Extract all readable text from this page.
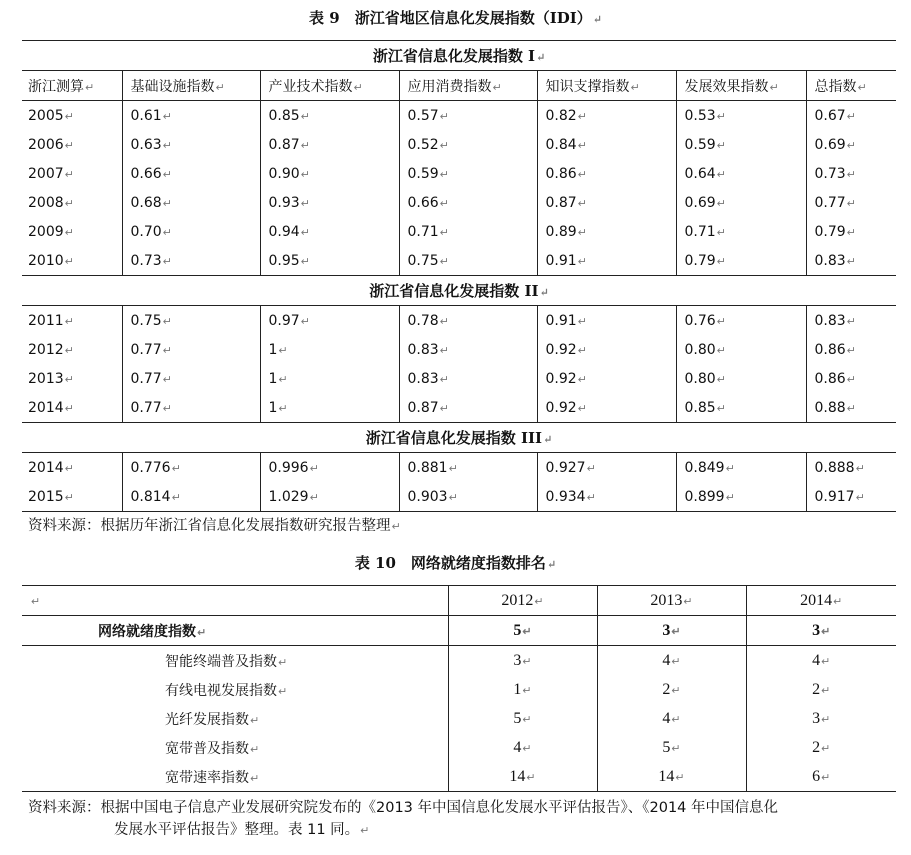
表 9　浙江省地区信息化发展指数（IDI）↵
浙江省信息化发展指数 I↵						
浙江测算↵	基础设施指数↵	产业技术指数↵	应用消费指数↵	知识支撑指数↵	发展效果指数↵	总指数↵
2005↵	0.61↵	0.85↵	0.57↵	0.82↵	0.53↵	0.67↵
2006↵	0.63↵	0.87↵	0.52↵	0.84↵	0.59↵	0.69↵
2007↵	0.66↵	0.90↵	0.59↵	0.86↵	0.64↵	0.73↵
2008↵	0.68↵	0.93↵	0.66↵	0.87↵	0.69↵	0.77↵
2009↵	0.70↵	0.94↵	0.71↵	0.89↵	0.71↵	0.79↵
2010↵	0.73↵	0.95↵	0.75↵	0.91↵	0.79↵	0.83↵
浙江省信息化发展指数 II↵						
2011↵	0.75↵	0.97↵	0.78↵	0.91↵	0.76↵	0.83↵
2012↵	0.77↵	1↵	0.83↵	0.92↵	0.80↵	0.86↵
2013↵	0.77↵	1↵	0.83↵	0.92↵	0.80↵	0.86↵
2014↵	0.77↵	1↵	0.87↵	0.92↵	0.85↵	0.88↵
浙江省信息化发展指数 III↵						
2014↵	0.776↵	0.996↵	0.881↵	0.927↵	0.849↵	0.888↵
2015↵	0.814↵	1.029↵	0.903↵	0.934↵	0.899↵	0.917↵
资料来源：根据历年浙江省信息化发展指数研究报告整理↵
表 10　网络就绪度指数排名↵
↵	2012↵	2013↵	2014↵
网络就绪度指数↵	5↵	3↵	3↵
智能终端普及指数↵	3↵	4↵	4↵
有线电视发展指数↵	1↵	2↵	2↵
光纤发展指数↵	5↵	4↵	3↵
宽带普及指数↵	4↵	5↵	2↵
宽带速率指数↵	14↵	14↵	6↵
资料来源：根据中国电子信息产业发展研究院发布的《2013 年中国信息化发展水平评估报告》、《2014 年中国信息化
发展水平评估报告》整理。表 11 同。↵
